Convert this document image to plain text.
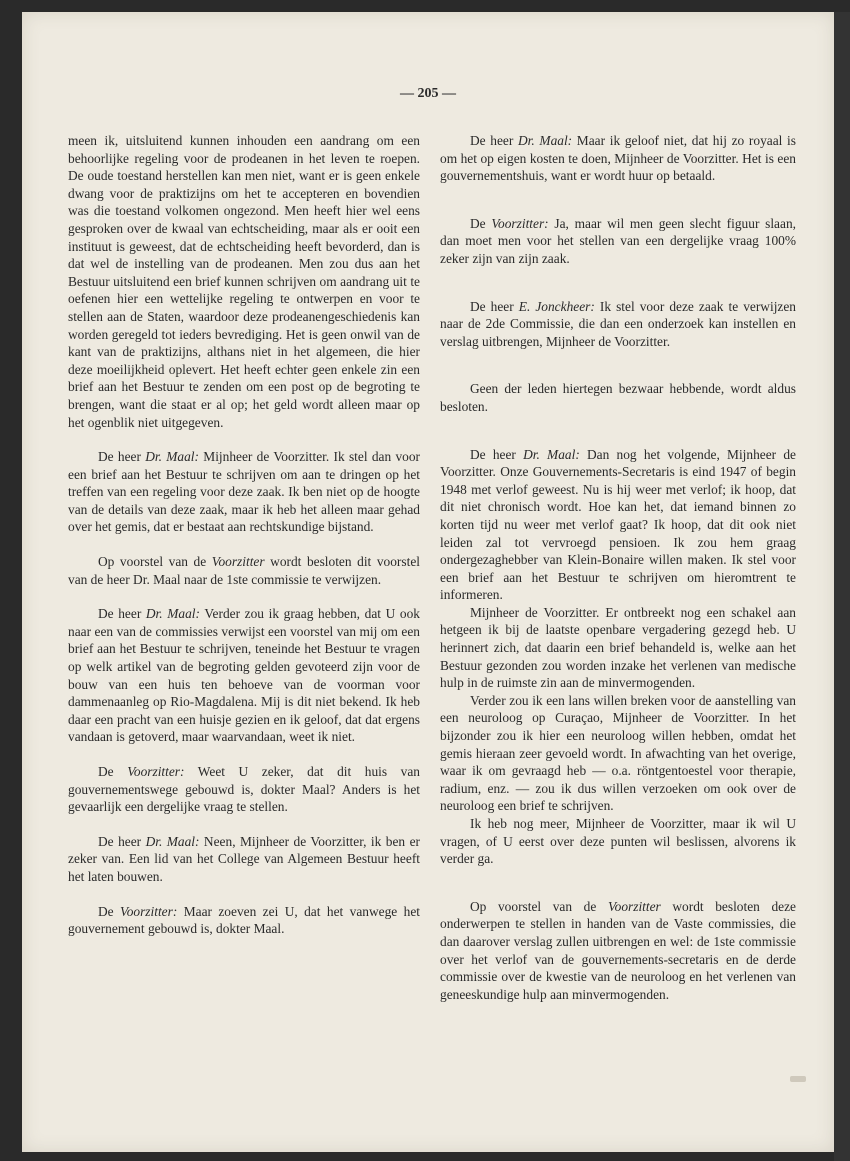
— 205 —

meen ik, uitsluitend kunnen inhouden een aandrang om een behoorlijke regeling voor de prodeanen in het leven te roepen. De oude toestand herstellen kan men niet, want er is geen enkele dwang voor de praktizijns om het te accepteren en bovendien was die toestand volkomen ongezond. Men heeft hier wel eens gesproken over de kwaal van echtscheiding, maar als er ooit een instituut is geweest, dat de echtscheiding heeft bevorderd, dan is dat wel de instelling van de prodeanen. Men zou dus aan het Bestuur uitsluitend een brief kunnen schrijven om aandrang uit te oefenen hier een wettelijke regeling te ontwerpen en voor te stellen aan de Staten, waardoor deze prodeanengeschiedenis kan worden geregeld tot ieders bevrediging. Het is geen onwil van de kant van de praktizijns, althans niet in het algemeen, die hier deze moeilijkheid oplevert. Het heeft echter geen enkele zin een brief aan het Bestuur te zenden om een post op de begroting te brengen, want die staat er al op; het geld wordt alleen maar op het ogenblik niet uitgegeven.

De heer Dr. Maal: Mijnheer de Voorzitter. Ik stel dan voor een brief aan het Bestuur te schrijven om aan te dringen op het treffen van een regeling voor deze zaak. Ik ben niet op de hoogte van de details van deze zaak, maar ik heb het alleen maar gehad over het gemis, dat er bestaat aan rechtskundige bijstand.

Op voorstel van de Voorzitter wordt besloten dit voorstel van de heer Dr. Maal naar de 1ste commissie te verwijzen.

De heer Dr. Maal: Verder zou ik graag hebben, dat U ook naar een van de commissies verwijst een voorstel van mij om een brief aan het Bestuur te schrijven, teneinde het Bestuur te vragen op welk artikel van de begroting gelden gevoteerd zijn voor de bouw van een huis ten behoeve van de voorman voor dammenaanleg op Rio-Magdalena. Mij is dit niet bekend. Ik heb daar een pracht van een huisje gezien en ik geloof, dat dat ergens vandaan is getoverd, maar waarvandaan, weet ik niet.

De Voorzitter: Weet U zeker, dat dit huis van gouvernementswege gebouwd is, dokter Maal? Anders is het gevaarlijk een dergelijke vraag te stellen.

De heer Dr. Maal: Neen, Mijnheer de Voorzitter, ik ben er zeker van. Een lid van het College van Algemeen Bestuur heeft het laten bouwen.

De Voorzitter: Maar zoeven zei U, dat het vanwege het gouvernement gebouwd is, dokter Maal.

De heer Dr. Maal: Maar ik geloof niet, dat hij zo royaal is om het op eigen kosten te doen, Mijnheer de Voorzitter. Het is een gouvernementshuis, want er wordt huur op betaald.

De Voorzitter: Ja, maar wil men geen slecht figuur slaan, dan moet men voor het stellen van een dergelijke vraag 100% zeker zijn van zijn zaak.

De heer E. Jonckheer: Ik stel voor deze zaak te verwijzen naar de 2de Commissie, die dan een onderzoek kan instellen en verslag uitbrengen, Mijnheer de Voorzitter.

Geen der leden hiertegen bezwaar hebbende, wordt aldus besloten.

De heer Dr. Maal: Dan nog het volgende, Mijnheer de Voorzitter. Onze Gouvernements-Secretaris is eind 1947 of begin 1948 met verlof geweest. Nu is hij weer met verlof; ik hoop, dat dit niet chronisch wordt. Hoe kan het, dat iemand binnen zo korten tijd nu weer met verlof gaat? Ik hoop, dat dit ook niet leiden zal tot vervroegd pensioen. Ik zou hem graag ondergezaghebber van Klein-Bonaire willen maken. Ik stel voor een brief aan het Bestuur te schrijven om hieromtrent te informeren.

Mijnheer de Voorzitter. Er ontbreekt nog een schakel aan hetgeen ik bij de laatste openbare vergadering gezegd heb. U herinnert zich, dat daarin een brief behandeld is, welke aan het Bestuur gezonden zou worden inzake het verlenen van medische hulp in de ruimste zin aan de minvermogenden.

Verder zou ik een lans willen breken voor de aanstelling van een neuroloog op Curaçao, Mijnheer de Voorzitter. In het bijzonder zou ik hier een neuroloog willen hebben, omdat het gemis hieraan zeer gevoeld wordt. In afwachting van het overige, waar ik om gevraagd heb — o.a. röntgentoestel voor therapie, radium, enz. — zou ik dus willen verzoeken om ook over de neuroloog een brief te schrijven.

Ik heb nog meer, Mijnheer de Voorzitter, maar ik wil U vragen, of U eerst over deze punten wil beslissen, alvorens ik verder ga.

Op voorstel van de Voorzitter wordt besloten deze onderwerpen te stellen in handen van de Vaste commissies, die dan daarover verslag zullen uitbrengen en wel: de 1ste commissie over het verlof van de gouvernements-secretaris en de derde commissie over de kwestie van de neuroloog en het verlenen van geneeskundige hulp aan minvermogenden.
